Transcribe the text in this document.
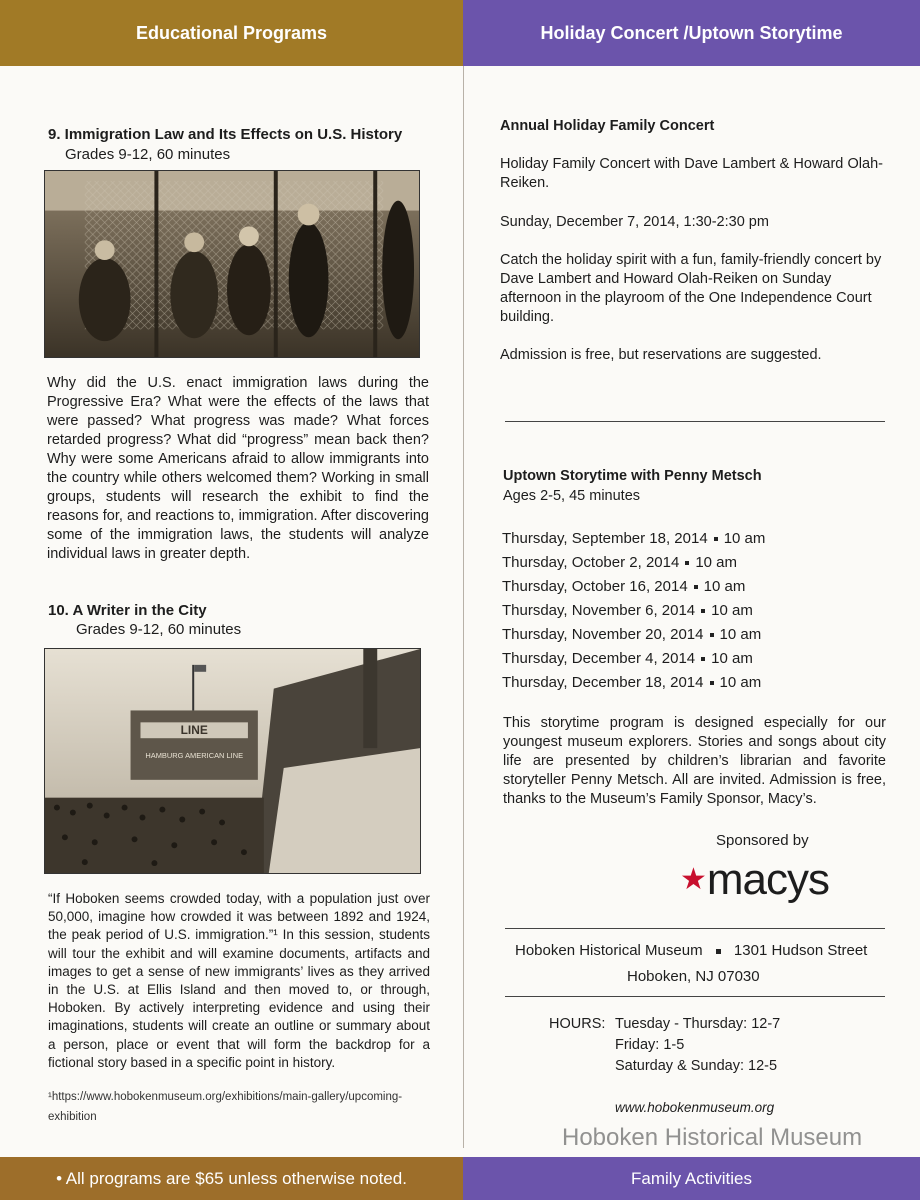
Educational Programs	Holiday Concert /Uptown Storytime
9. Immigration Law and Its Effects on U.S. History
Grades 9-12, 60 minutes
Why did the U.S. enact immigration laws during the Progressive Era? What were the effects of the laws that were passed? What progress was made? What forces retarded progress? What did “progress” mean back then? Why were some Americans afraid to allow immigrants into the country while others welcomed them? Working in small groups, students will research the exhibit to find the reasons for, and reactions to, immigration. After discovering some of the immigration laws, the students will analyze individual laws in greater depth.
10. A Writer in the City
Grades 9-12, 60 minutes
LINE
HAMBURG AMERICAN LINE
“If Hoboken seems crowded today, with a population just over 50,000, imagine how crowded it was between 1892 and 1924, the peak period of U.S. immigration.”¹ In this session, students will tour the exhibit and will examine documents, artifacts and images to get a sense of new immigrants’ lives as they arrived in the U.S. at Ellis Island and then moved to, or through, Hoboken. By actively interpreting evidence and using their imaginations, students will create an outline or summary about a person, place or event that will form the backdrop for a fictional story based in a specific point in history.
¹https://www.hobokenmuseum.org/exhibitions/main-gallery/upcoming-exhibition
Annual Holiday Family Concert
Holiday Family Concert with Dave Lambert & Howard Olah-Reiken.
Sunday, December 7, 2014, 1:30-2:30 pm
Catch the holiday spirit with a fun, family-friendly concert by Dave Lambert and Howard Olah-Reiken on Sunday afternoon in the playroom of the One Independence Court building.
Admission is free, but reservations are suggested.
Uptown Storytime with Penny Metsch
Ages 2-5, 45 minutes
Thursday, September 18, 2014 10 am
Thursday, October 2, 2014 10 am
Thursday, October 16, 2014 10 am
Thursday, November 6, 2014 10 am
Thursday, November 20, 2014 10 am
Thursday, December 4, 2014 10 am
Thursday, December 18, 2014 10 am
This storytime program is designed especially for our youngest museum explorers. Stories and songs about city life are presented by children’s librarian and favorite storyteller Penny Metsch. All are invited. Admission is free, thanks to the Museum’s Family Sponsor, Macy’s.
Sponsored by
★ macys
Hoboken Historical Museum 1301 Hudson Street
Hoboken, NJ 07030
HOURS: Tuesday - Thursday: 12-7
Friday: 1-5
Saturday & Sunday: 12-5
www.hobokenmuseum.org
Hoboken Historical Museum
• All programs are $65 unless otherwise noted.	Family Activities
